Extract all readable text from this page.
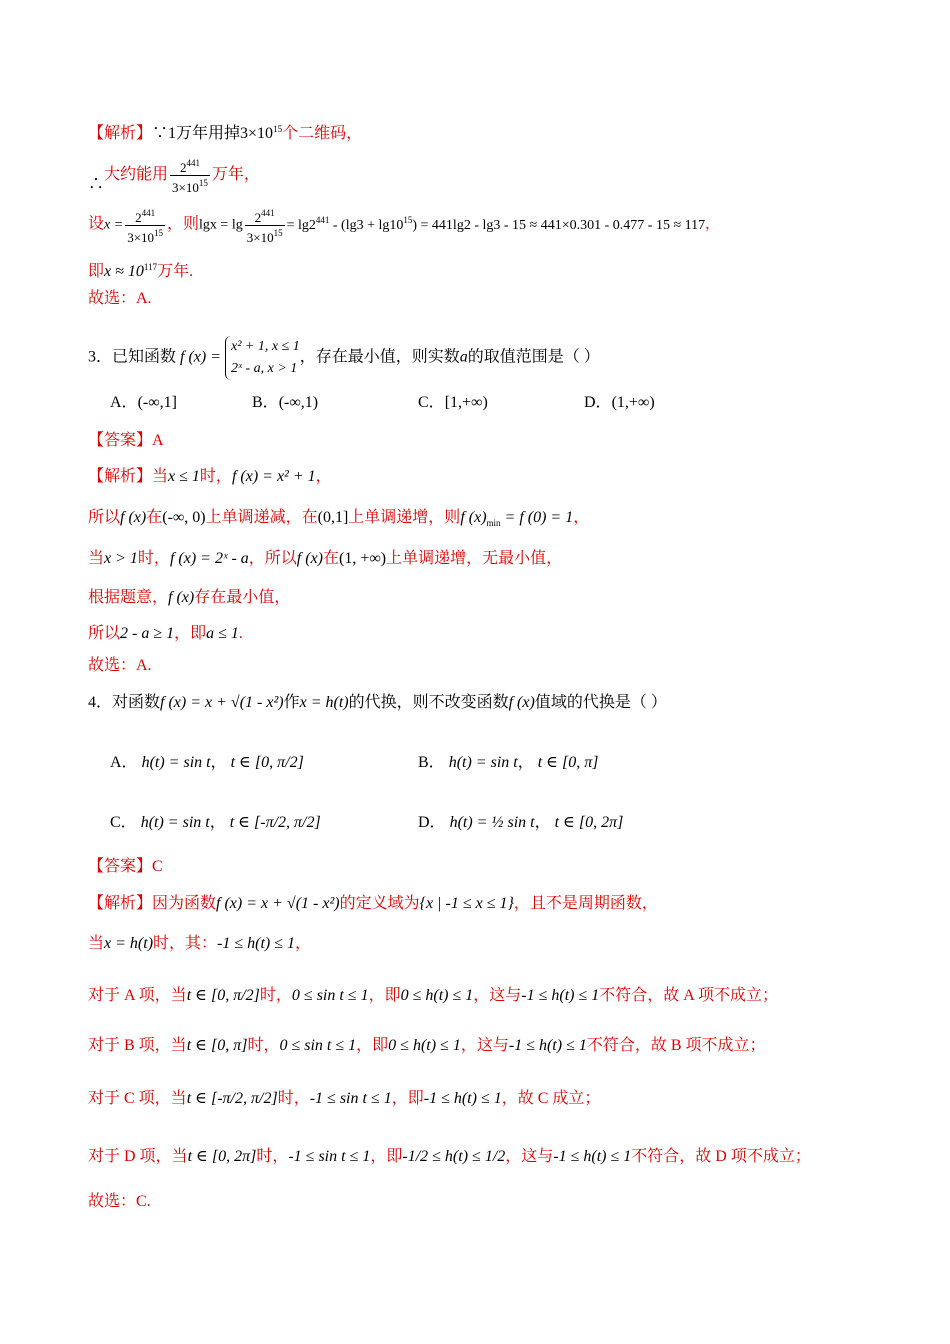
【解析】∵1万年用掉$3\times 10^{15}$个二维码，
∴大约能用 $\frac{2^{441}}{3\times 10^{15}}$ 万年，
设$x = \frac{2^{441}}{3\times 10^{15}}$ ，则$\lg x = \lg \frac{2^{441}}{3\times 10^{15}} = \lg 2^{441} - (\lg 3 + \lg 10^{15}) = 441\lg 2 - \lg 3 - 15 \approx 441\times 0.301 - 0.477 - 15 \approx 117$，
即$x \approx 10^{117}$万年.
故选：A.
3．已知函数 f (x) =
x² + 1, x ≤ 1
2ˣ - a, x > 1
，存在最小值，则实数a的取值范围是（ ）
A．(-∞,1]	B．(-∞,1)	C．[1,+∞)	D．(1,+∞)
【答案】A
【解析】当x ≤ 1时，f (x) = x² + 1，
所以f (x)在(-∞, 0)上单调递减，在(0,1]上单调递增，则f $(x)_{min} = f$ (0) = 1，
当x > 1时，f (x) = 2ˣ - a，所以f (x)在(1, +∞)上单调递增，无最小值，
根据题意，f (x)存在最小值，
所以2 - a ≥ 1，即a ≤ 1.
故选：A.
4．对函数f (x) = x + √(1 - x²)作x = h(t)的代换，则不改变函数f (x)值域的代换是（ ）
A． h(t) = sin t， t ∈ [0, π/2]	B． h(t) = sin t， t ∈ [0, π]
C． h(t) = sin t， t ∈ [-π/2, π/2]	D． h(t) = ½ sin t， t ∈ [0, 2π]
【答案】C
【解析】因为函数f (x) = x + √(1 - x²)的定义域为{x | -1 ≤ x ≤ 1}，且不是周期函数，
当x = h(t)时，其：-1 ≤ h(t) ≤ 1，
对于 A 项，当t ∈ [0, π/2]时，0 ≤ sin t ≤ 1，即0 ≤ h(t) ≤ 1，这与-1 ≤ h(t) ≤ 1不符合，故 A 项不成立；
对于 B 项，当t ∈ [0, π]时，0 ≤ sin t ≤ 1，即0 ≤ h(t) ≤ 1，这与-1 ≤ h(t) ≤ 1不符合，故 B 项不成立；
对于 C 项，当t ∈ [-π/2, π/2]时，-1 ≤ sin t ≤ 1，即-1 ≤ h(t) ≤ 1，故 C 成立；
对于 D 项，当t ∈ [0, 2π]时，-1 ≤ sin t ≤ 1，即-1/2 ≤ h(t) ≤ 1/2，这与-1 ≤ h(t) ≤ 1不符合，故 D 项不成立；
故选：C.
